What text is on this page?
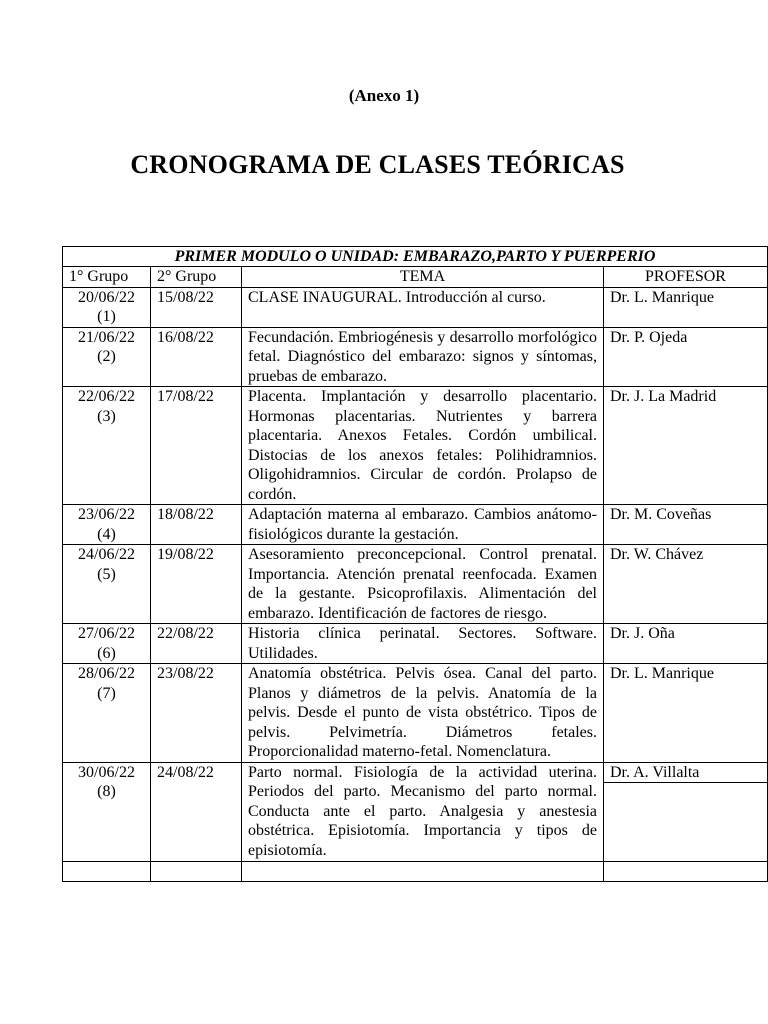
(Anexo 1)
CRONOGRAMA DE CLASES TEÓRICAS
PRIMER MODULO O UNIDAD: EMBARAZO,PARTO Y PUERPERIO			
1° Grupo	2° Grupo	TEMA	PROFESOR

20/06/22
(1)	15/08/22	CLASE INAUGURAL. Introducción al curso.	Dr. L. Manrique

21/06/22
(2)	16/08/22	Fecundación. Embriogénesis y desarrollo morfológico fetal. Diagnóstico del embarazo: signos y síntomas, pruebas de embarazo.	Dr. P. Ojeda

22/06/22
(3)	17/08/22	Placenta. Implantación y desarrollo placentario. Hormonas placentarias. Nutrientes y barrera placentaria. Anexos Fetales. Cordón umbilical. Distocias de los anexos fetales: Polihidramnios. Oligohidramnios. Circular de cordón. Prolapso de cordón.	Dr. J. La Madrid

23/06/22
(4)	18/08/22	Adaptación materna al embarazo. Cambios anátomo-fisiológicos durante la gestación.	Dr. M. Coveñas

24/06/22
(5)	19/08/22	Asesoramiento preconcepcional. Control prenatal. Importancia. Atención prenatal reenfocada. Examen de la gestante. Psicoprofilaxis. Alimentación del embarazo. Identificación de factores de riesgo.	Dr. W. Chávez

27/06/22
(6)	22/08/22	Historia clínica perinatal. Sectores. Software. Utilidades.	Dr. J. Oña

28/06/22
(7)	23/08/22	Anatomía obstétrica. Pelvis ósea. Canal del parto. Planos y diámetros de la pelvis. Anatomía de la pelvis. Desde el punto de vista obstétrico. Tipos de pelvis. Pelvimetría. Diámetros fetales. Proporcionalidad materno-fetal. Nomenclatura.	Dr. L. Manrique

30/06/22
(8)	24/08/22	Parto normal. Fisiología de la actividad uterina. Periodos del parto. Mecanismo del parto normal. Conducta ante el parto. Analgesia y anestesia obstétrica. Episiotomía. Importancia y tipos de episiotomía.	Dr. A. Villalta
